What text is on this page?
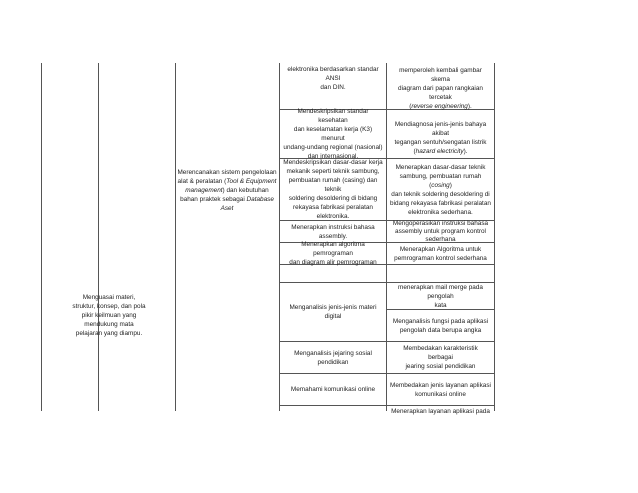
Menguasai materi,
struktur, konsep, dan pola
pikir keilmuan yang
mendukung mata
pelajaran yang diampu.
Merencanakan sistem pengelolaan
alat & peralatan (Tool & Equipment
management) dan kebutuhan
bahan praktek sebagai Database
Aset
elektronika berdasarkan standar ANSI
dan DIN.
memperoleh kembali gambar skema
diagram dari papan rangkaian tercetak
(reverse engineering).
Mendeskripsikan standar kesehatan
dan keselamatan kerja (K3) menurut
undang-undang regional (nasional)
dan internasional.
Mendiagnosa jenis-jenis bahaya akibat
tegangan sentuh/sengatan listrik
(hazard electricity).
Mendeskripsikan dasar-dasar kerja
mekanik seperti teknik sambung,
pembuatan rumah (casing) dan teknik
soldering desoldering di bidang
rekayasa fabrikasi peralatan
elektronika.
Menerapkan dasar-dasar teknik
sambung, pembuatan rumah (cosing)
dan teknik soldering desoldering di
bidang rekayasa fabrikasi peralatan
elektronika sederhana.
Menerapkan instruksi bahasa
assembly.
Mengoperasikan instruksi bahasa
assembly untuk program kontrol
sederhana
Menerapkan algoritma pemrograman
dan diagram alir pemrograman
Menerapkan Algoritma untuk
pemrograman kontrol sederhana
Menganalisis jenis-jenis materi digital
menerapkan mail merge pada pengolah
kata
Menganalisis fungsi pada aplikasi
pengolah data berupa angka
Menganalisis jejaring sosial pendidikan
Membedakan karakteristik berbagai
jearing sosial pendidikan
Memahami komunikasi online
Membedakan jenis layanan aplikasi
komunikasi online
Menerapkan layanan aplikasi pada
